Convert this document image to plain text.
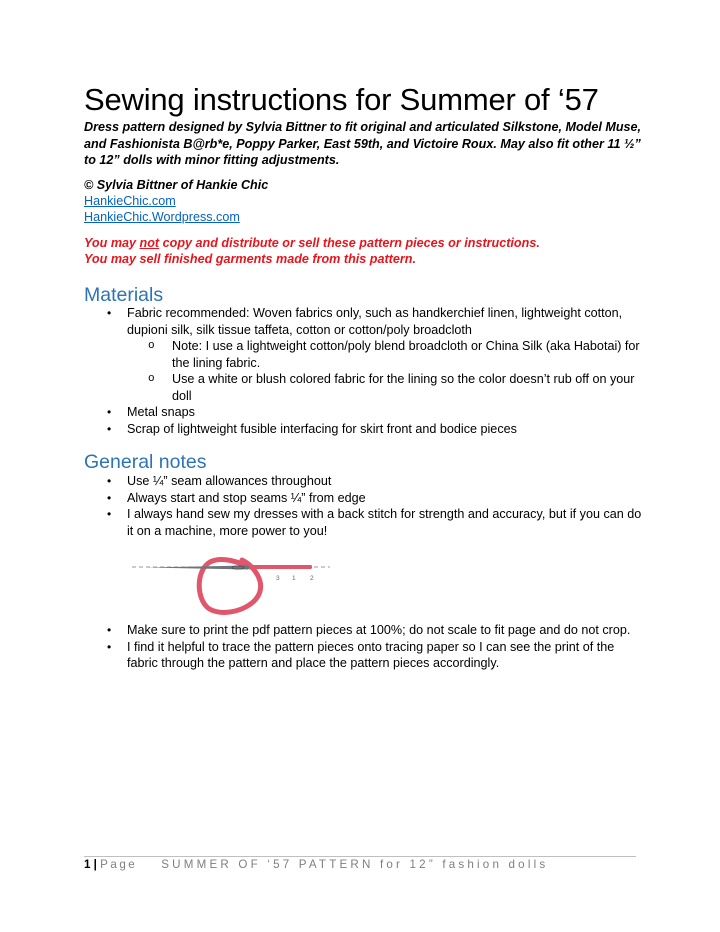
Sewing instructions for Summer of ‘57

Dress pattern designed by Sylvia Bittner to fit original and articulated Silkstone, Model Muse, and Fashionista B@rb*e, Poppy Parker, East 59th, and Victoire Roux. May also fit other 11 ½” to 12” dolls with minor fitting adjustments.

© Sylvia Bittner of Hankie Chic

HankieChic.com
HankieChic.Wordpress.com

You may not copy and distribute or sell these pattern pieces or instructions.

You may sell finished garments made from this pattern.

Materials
• Fabric recommended: Woven fabrics only, such as handkerchief linen, lightweight cotton, dupioni silk, silk tissue taffeta, cotton or cotton/poly broadcloth
o Note: I use a lightweight cotton/poly blend broadcloth or China Silk (aka Habotai) for the lining fabric.
o Use a white or blush colored fabric for the lining so the color doesn’t rub off on your doll
• Metal snaps
• Scrap of lightweight fusible interfacing for skirt front and bodice pieces
General notes
• Use ¼” seam allowances throughout
• Always start and stop seams ¼” from edge
• I always hand sew my dresses with a back stitch for strength and accuracy, but if you can do it on a machine, more power to you!
3 1 2
• Make sure to print the pdf pattern pieces at 100%; do not scale to fit page and do not crop.
• I find it helpful to trace the pattern pieces onto tracing paper so I can see the print of the fabric through the pattern and place the pattern pieces accordingly.
1 | Page SUMMER OF ‘57 PATTERN for 12” fashion dolls
